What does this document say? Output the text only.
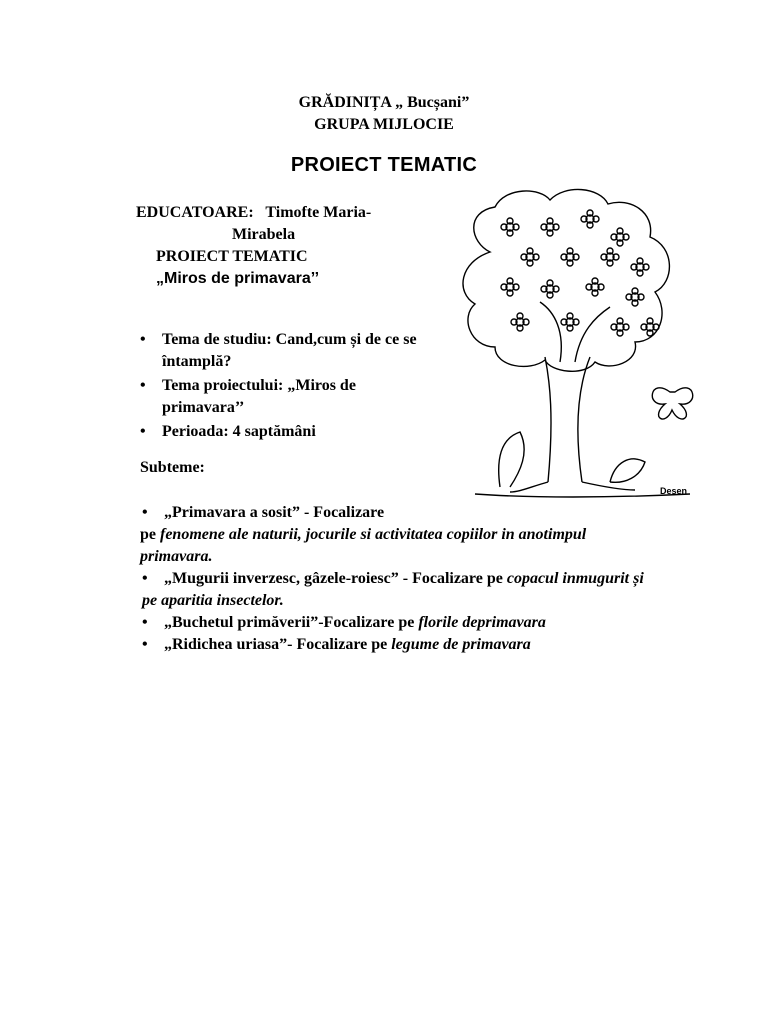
GRĂDINIȚA „ Bucșani”

GRUPA MIJLOCIE

PROIECT TEMATIC

EDUCATOARE: Timofte Maria-
Mirabela
PROIECT TEMATIC
„Miros de primavara’’
• Tema de studiu: Cand,cum și de ce se întamplă?
• Tema proiectului: „Miros de primavara’’
• Perioada: 4 saptămâni

Subteme:

• „Primavara a sosit” - Focalizare
pe fenomene ale naturii, jocurile si activitatea copiilor in anotimpul primavara.
• „Mugurii inverzesc, gâzele-roiesc” - Focalizare pe copacul inmugurit și pe aparitia insectelor.
• „Buchetul primăverii”-Focalizare pe florile deprimavara
• „Ridichea uriasa”- Focalizare pe legume de primavara
Desen
